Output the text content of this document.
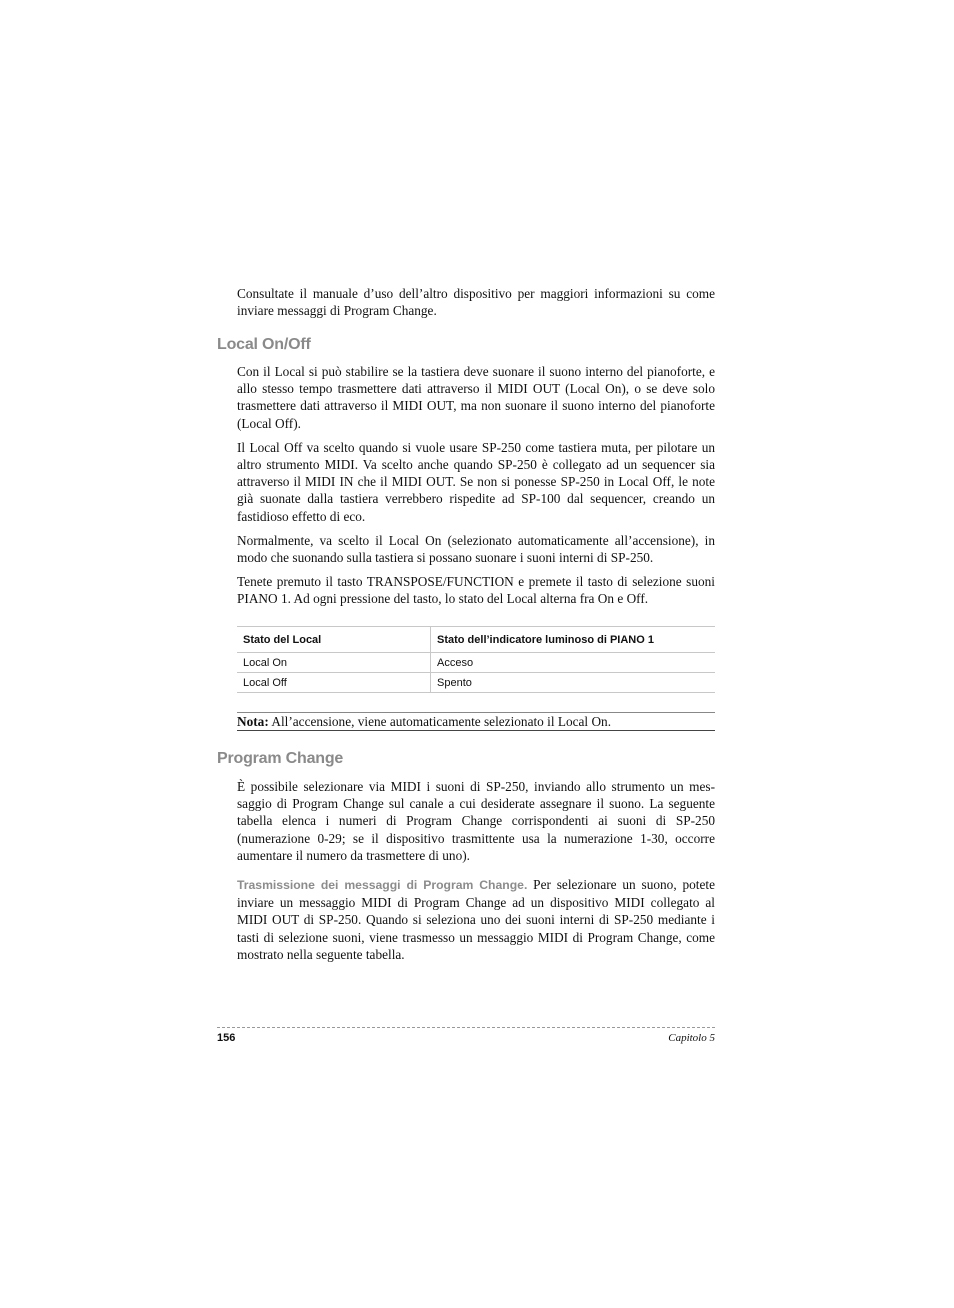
Consultate il manuale d’uso dell’altro dispositivo per maggiori informazioni su come inviare messaggi di Program Change.

Local On/Off

Con il Local si può stabilire se la tastiera deve suonare il suono interno del pianoforte, e allo stesso tempo trasmettere dati attraverso il MIDI OUT (Local On), o se deve solo trasmettere dati attraverso il MIDI OUT, ma non suonare il suono interno del pianoforte (Local Off).

Il Local Off va scelto quando si vuole usare SP-250 come tastiera muta, per pilotare un altro strumento MIDI. Va scelto anche quando SP-250 è collegato ad un sequencer sia attraverso il MIDI IN che il MIDI OUT. Se non si ponesse SP-250 in Local Off, le note già suonate dalla tastiera verrebbero rispedite ad SP-100 dal sequencer, creando un fastidioso effetto di eco.

Normalmente, va scelto il Local On (selezionato automaticamente all’accensione), in modo che suonando sulla tastiera si possano suonare i suoni interni di SP-250.

Tenete premuto il tasto TRANSPOSE/FUNCTION e premete il tasto di selezione suoni PIANO 1. Ad ogni pressione del tasto, lo stato del Local alterna fra On e Off.

Stato del Local	Stato dell’indicatore luminoso di PIANO 1
Local On	Acceso
Local Off	Spento
Nota: All’accensione, viene automaticamente selezionato il Local On.
Program Change

È possibile selezionare via MIDI i suoni di SP-250, inviando allo strumento un messaggio di Program Change sul canale a cui desiderate assegnare il suono. La seguente tabella elenca i numeri di Program Change corrispondenti ai suoni di SP-250 (numerazione 0-29; se il dispositivo trasmittente usa la numerazione 1-30, occorre aumentare il numero da trasmettere di uno).

Trasmissione dei messaggi di Program Change. Per selezionare un suono, potete inviare un messaggio MIDI di Program Change ad un dispositivo MIDI collegato al MIDI OUT di SP-250. Quando si seleziona uno dei suoni interni di SP-250 mediante i tasti di selezione suoni, viene trasmesso un messaggio MIDI di Program Change, come mostrato nella seguente tabella.

156	Capitolo 5
